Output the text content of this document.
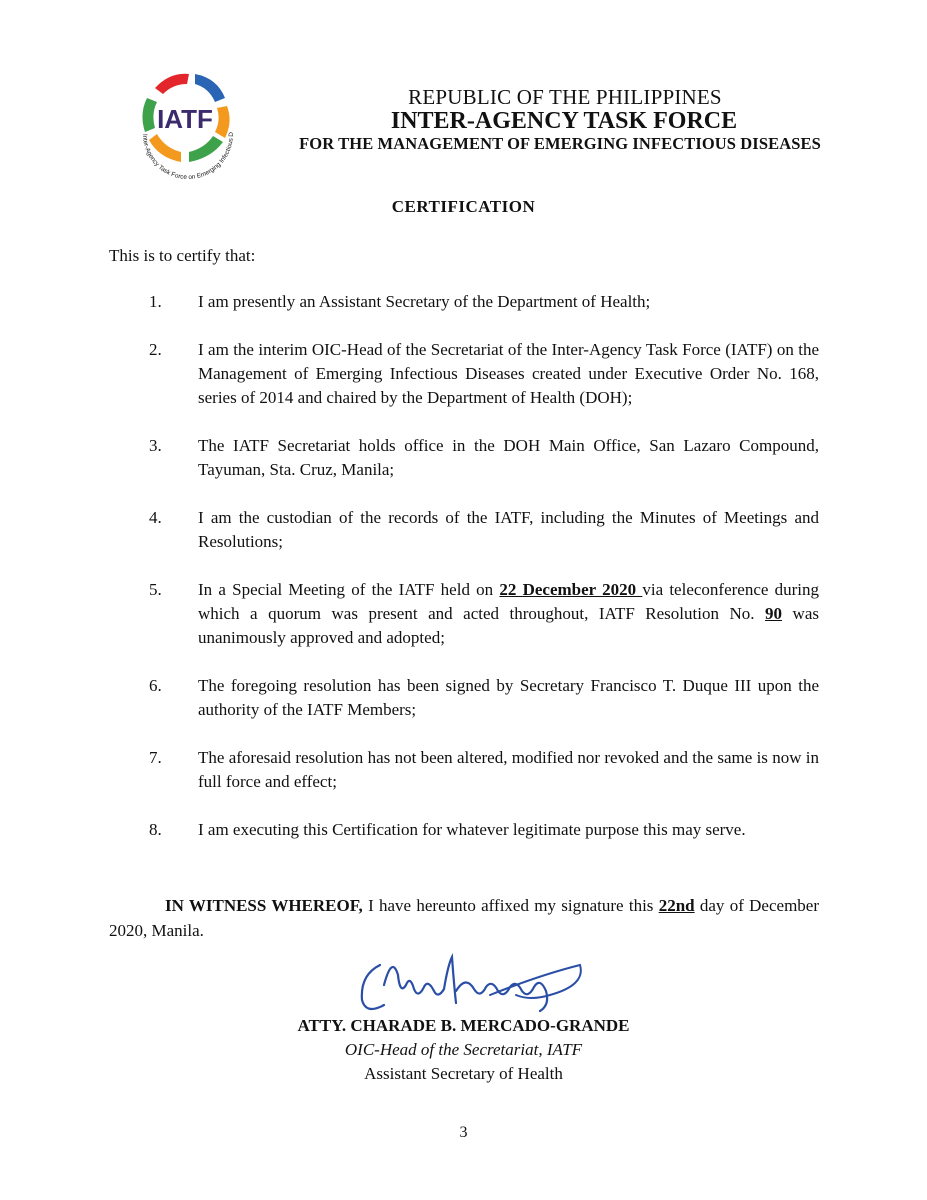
IATF
Inter-Agency Task Force on Emerging Infectious D
REPUBLIC OF THE PHILIPPINES
INTER-AGENCY TASK FORCE
FOR THE MANAGEMENT OF EMERGING INFECTIOUS DISEASES
CERTIFICATION
This is to certify that:
1. I am presently an Assistant Secretary of the Department of Health;
2. I am the interim OIC-Head of the Secretariat of the Inter-Agency Task Force (IATF) on the Management of Emerging Infectious Diseases created under Executive Order No. 168, series of 2014 and chaired by the Department of Health (DOH);
3. The IATF Secretariat holds office in the DOH Main Office, San Lazaro Compound, Tayuman, Sta. Cruz, Manila;
4. I am the custodian of the records of the IATF, including the Minutes of Meetings and Resolutions;
5. In a Special Meeting of the IATF held on 22 December 2020 via teleconference during which a quorum was present and acted throughout, IATF Resolution No. 90 was unanimously approved and adopted;
6. The foregoing resolution has been signed by Secretary Francisco T. Duque III upon the authority of the IATF Members;
7. The aforesaid resolution has not been altered, modified nor revoked and the same is now in full force and effect;
8. I am executing this Certification for whatever legitimate purpose this may serve.
IN WITNESS WHEREOF, I have hereunto affixed my signature this 22nd day of December 2020, Manila.
ATTY. CHARADE B. MERCADO-GRANDE
OIC-Head of the Secretariat, IATF
Assistant Secretary of Health
3
